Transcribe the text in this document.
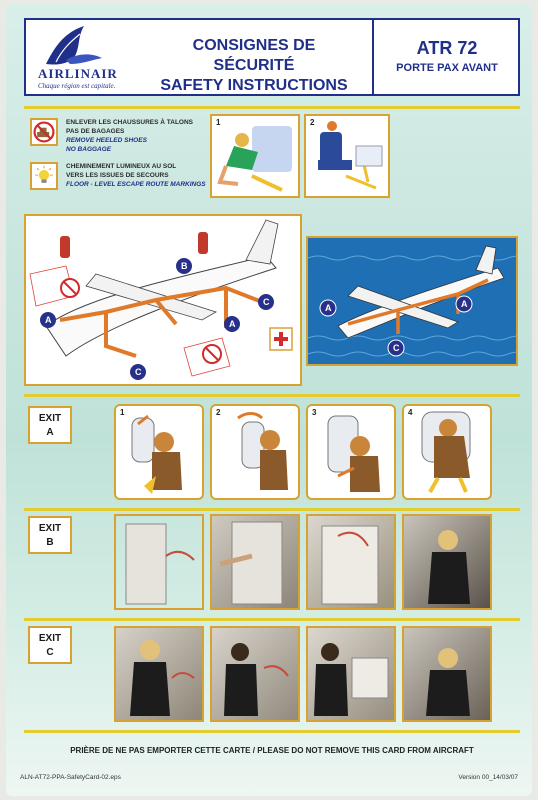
AIRLINAIR
Chaque région est capitale.
CONSIGNES DE SÉCURITÉ
SAFETY INSTRUCTIONS
ATR 72
PORTE PAX AVANT
ENLEVER LES CHAUSSURES À TALONS
PAS DE BAGAGES
REMOVE HEELED SHOES
NO BAGGAGE
CHEMINEMENT LUMINEUX AU SOL
VERS LES ISSUES DE SECOURS
FLOOR - LEVEL ESCAPE ROUTE MARKINGS
1	2
A	A
B
C
C
A	A
C
EXIT
A
1	2	3	4
EXIT
B
EXIT
C
PRIÈRE DE NE PAS EMPORTER CETTE CARTE / PLEASE DO NOT REMOVE THIS CARD FROM AIRCRAFT
ALN-AT72-PPA-SafetyCard-02.eps	Version 00_14/03/07
